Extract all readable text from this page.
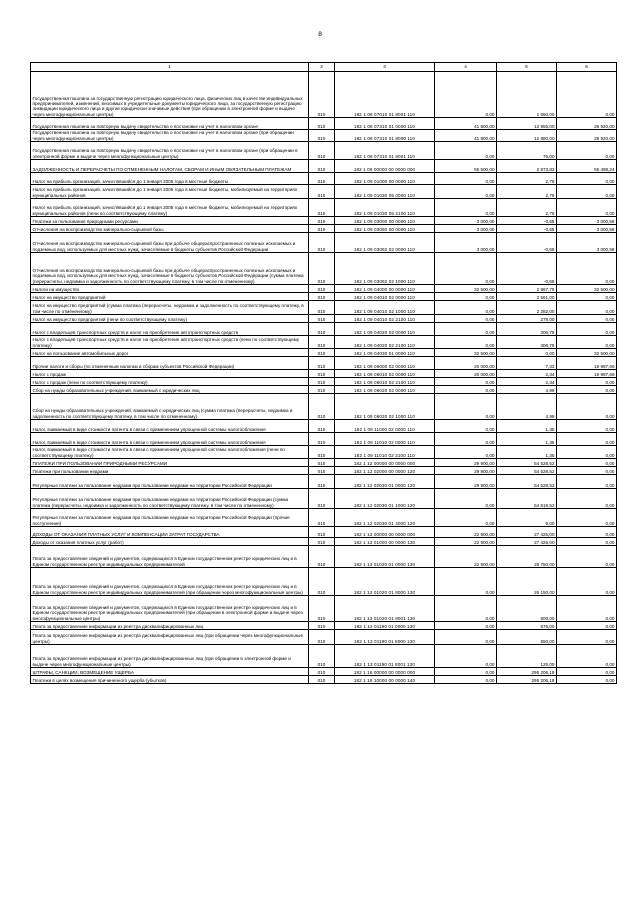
8
1	2	3	4	5	6
Государственная пошлина за государственную регистрацию юридического лица, физических лиц в качестве индивидуальных предпринимателей, изменений, вносимых в учредительные документы юридического лица, за государственную регистрацию ликвидации юридического лица и другие юридически значимые действия (при обращении в электронной форме и выдаче через многофункциональные центры)	010	182 1 08 07010 01 8001 110	0,00	1 650,00	0,00
Государственная пошлина за повторную выдачу свидетельства о постановке на учет в налоговом органе	010	182 1 08 07310 01 0000 110	41 800,00	12 955,00	28 920,00
Государственная пошлина за повторную выдачу свидетельства о постановке на учет в налоговом органе (при обращении через многофункциональные центры)	010	182 1 08 07310 01 8000 110	41 800,00	12 880,00	28 920,00
Государственная пошлина за повторную выдачу свидетельства о постановке на учет в налоговом органе (при обращении в электронной форме и выдаче через многофункциональные центры)	010	182 1 08 07310 01 8001 110	0,00	75,00	0,00
ЗАДОЛЖЕННОСТЬ И ПЕРЕРАСЧЕТЫ ПО ОТМЕНЕННЫМ НАЛОГАМ, СБОРАМ И ИНЫМ ОБЯЗАТЕЛЬНЫМ ПЛАТЕЖАМ	010	182 1 09 00000 00 0000 000	55 500,00	2 873,83	55 498,24
Налог на прибыль организаций, зачислявшийся до 1 января 2005 года в местные бюджеты	010	182 1 09 01000 00 0000 110	0,00	2,76	0,00
Налог на прибыль организаций, зачислявшийся до 1 января 2005 года в местные бюджеты, мобилизуемый на территориях муниципальных районов	010	182 1 09 01030 05 0000 110	0,00	2,76	0,00
Налог на прибыль организаций, зачислявшийся до 1 января 2005 года в местные бюджеты, мобилизуемый на территориях муниципальных районов (пени по соответствующему платежу)	010	182 1 09 01030 05 2100 110	0,00	2,76	0,00
Платежи за пользование природными ресурсами	010	182 1 09 03000 00 0000 110	3 000,00	-0,58	3 000,58
Отчисления на воспроизводство минерально-сырьевой базы	010	182 1 09 03080 00 0000 110	3 000,00	-0,58	3 000,58
Отчисления на воспроизводство минерально-сырьевой базы при добыче общераспространенных полезных ископаемых и подземных вод, используемых для местных нужд, зачисляемые в бюджеты субъектов Российской Федерации	010	182 1 09 03082 02 0000 110	3 000,00	-0,58	3 000,58
Отчисления на воспроизводство минерально-сырьевой базы при добыче общераспространенных полезных ископаемых и подземных вод, используемых для местных нужд, зачисляемые в бюджеты субъектов Российской Федерации (сумма платежа (перерасчеты, недоимка и задолженность по соответствующему платежу, в том числе по отмененному)	010	182 1 09 03082 02 1000 110	0,00	-0,58	0,00
Налоги на имущество	010	182 1 09 04000 00 0000 110	32 500,00	2 867,79	32 500,00
Налог на имущество предприятий	010	182 1 09 04010 02 0000 110	0,00	2 561,00	0,00
Налог на имущество предприятий (сумма платежа (перерасчеты, недоимка и задолженность по соответствующему платежу, в том числе по отмененному)	010	182 1 09 04010 02 1000 110	0,00	2 282,00	0,00
Налог на имущество предприятий (пени по соответствующему платежу)	010	182 1 09 04010 02 2100 110	0,00	279,00	0,00
Налог с владельцев транспортных средств и налог на приобретение автотранспортных средств	010	182 1 09 04020 02 0000 110	0,00	306,79	0,00
Налог с владельцев транспортных средств и налог на приобретение автотранспортных средств (пени по соответствующему платежу)	010	182 1 09 04020 02 2100 110	0,00	306,79	0,00
Налог на пользование автомобильных дорог	010	182 1 09 04030 01 0000 110	32 500,00	0,00	32 500,00
Прочие налоги и сборы (по отмененным налогам и сборам субъектов Российской Федерации)	010	182 1 09 06000 02 0000 110	20 000,00	7,33	19 997,66
Налог с продаж	010	182 1 09 06010 02 0000 110	20 000,00	2,34	19 997,66
Налог с продаж (пени по соответствующему платежу)	010	182 1 09 06010 02 2100 110	0,00	2,34	0,00
Сбор на нужды образовательных учреждений, взимаемый с юридических лиц	010	182 1 09 06020 02 0000 110	0,00	4,99	0,00
Сбор на нужды образовательных учреждений, взимаемый с юридических лиц (сумма платежа (перерасчеты, недоимка и задолженность по соответствующему платежу, в том числе по отмененному)	010	182 1 09 06020 02 1000 110	0,00	4,99	0,00
Налог, взимаемый в виде стоимости патента в связи с применением упрощенной системы налогообложения	010	182 1 09 11000 02 0000 110	0,00	1,35	0,00
Налог, взимаемый в виде стоимости патента в связи с применением упрощенной системы налогообложения	010	182 1 09 11010 02 0000 110	0,00	1,35	0,00
Налог, взимаемый в виде стоимости патента в связи с применением упрощенной системы налогообложения (пени по соответствующему платежу)	010	182 1 09 11010 02 2100 110	0,00	1,35	0,00
ПЛАТЕЖИ ПРИ ПОЛЬЗОВАНИИ ПРИРОДНЫМИ РЕСУРСАМИ	010	182 1 12 00000 00 0000 000	29 900,00	54 528,52	0,00
Платежи при пользовании недрами	010	182 1 12 02000 00 0000 120	29 900,00	54 528,52	0,00
Регулярные платежи за пользование недрами при пользовании недрами на территории Российской Федерации	010	182 1 12 02030 01 0000 120	29 900,00	54 528,52	0,00
Регулярные платежи за пользование недрами при пользовании недрами на территории Российской Федерации (сумма платежа (перерасчеты, недоимка и задолженность по соответствующему платежу, в том числе по отмененному)	010	182 1 12 02030 01 1000 120	0,00	54 519,52	0,00
Регулярные платежи за пользование недрами при пользовании недрами на территории Российской Федерации (прочие поступления)	010	182 1 12 02030 01 4000 120	0,00	9,00	0,00
ДОХОДЫ ОТ ОКАЗАНИЯ ПЛАТНЫХ УСЛУГ И КОМПЕНСАЦИИ ЗАТРАТ ГОСУДАРСТВА	010	182 1 13 00000 00 0000 000	22 900,00	27 425,00	0,00
Доходы от оказания платных услуг (работ)	010	182 1 13 01000 00 0000 130	22 900,00	27 425,00	0,00
Плата за предоставление сведений и документов, содержащихся в Едином государственном реестре юридических лиц и в Едином государственном реестре индивидуальных предпринимателей	010	182 1 13 01020 01 0000 130	22 900,00	26 750,00	0,00
Плата за предоставление сведений и документов, содержащихся в Едином государственном реестре юридических лиц и в Едином государственном реестре индивидуальных предпринимателей (при обращении через многофункциональные центры)	010	182 1 13 01020 01 8000 130	0,00	26 150,00	0,00
Плата за предоставление сведений и документов, содержащихся в Едином государственном реестре юридических лиц и в Едином государственном реестре индивидуальных предпринимателей (при обращении в электронной форме и выдаче через многофункциональные центры)	010	182 1 13 01020 01 8001 130	0,00	600,00	0,00
Плата за предоставление информации из реестра дисквалифицированных лиц	010	182 1 13 01190 01 0000 130	0,00	675,00	0,00
Плата за предоставление информации из реестра дисквалифицированных лиц (при обращении через многофункциональные центры)	010	182 1 13 01190 01 8000 130	0,00	550,00	0,00
Плата за предоставление информации из реестра дисквалифицированных лиц (при обращении в электронной форме и выдаче через многофункциональные центры)	010	182 1 13 01190 01 8001 130	0,00	125,00	0,00
ШТРАФЫ, САНКЦИИ, ВОЗМЕЩЕНИЕ УЩЕРБА	010	182 1 16 00000 00 0000 000	0,00	295 206,19	0,00
Платежи в целях возмещения причиненного ущерба (убытков)	010	182 1 16 10000 00 0000 140	0,00	295 206,19	0,00
